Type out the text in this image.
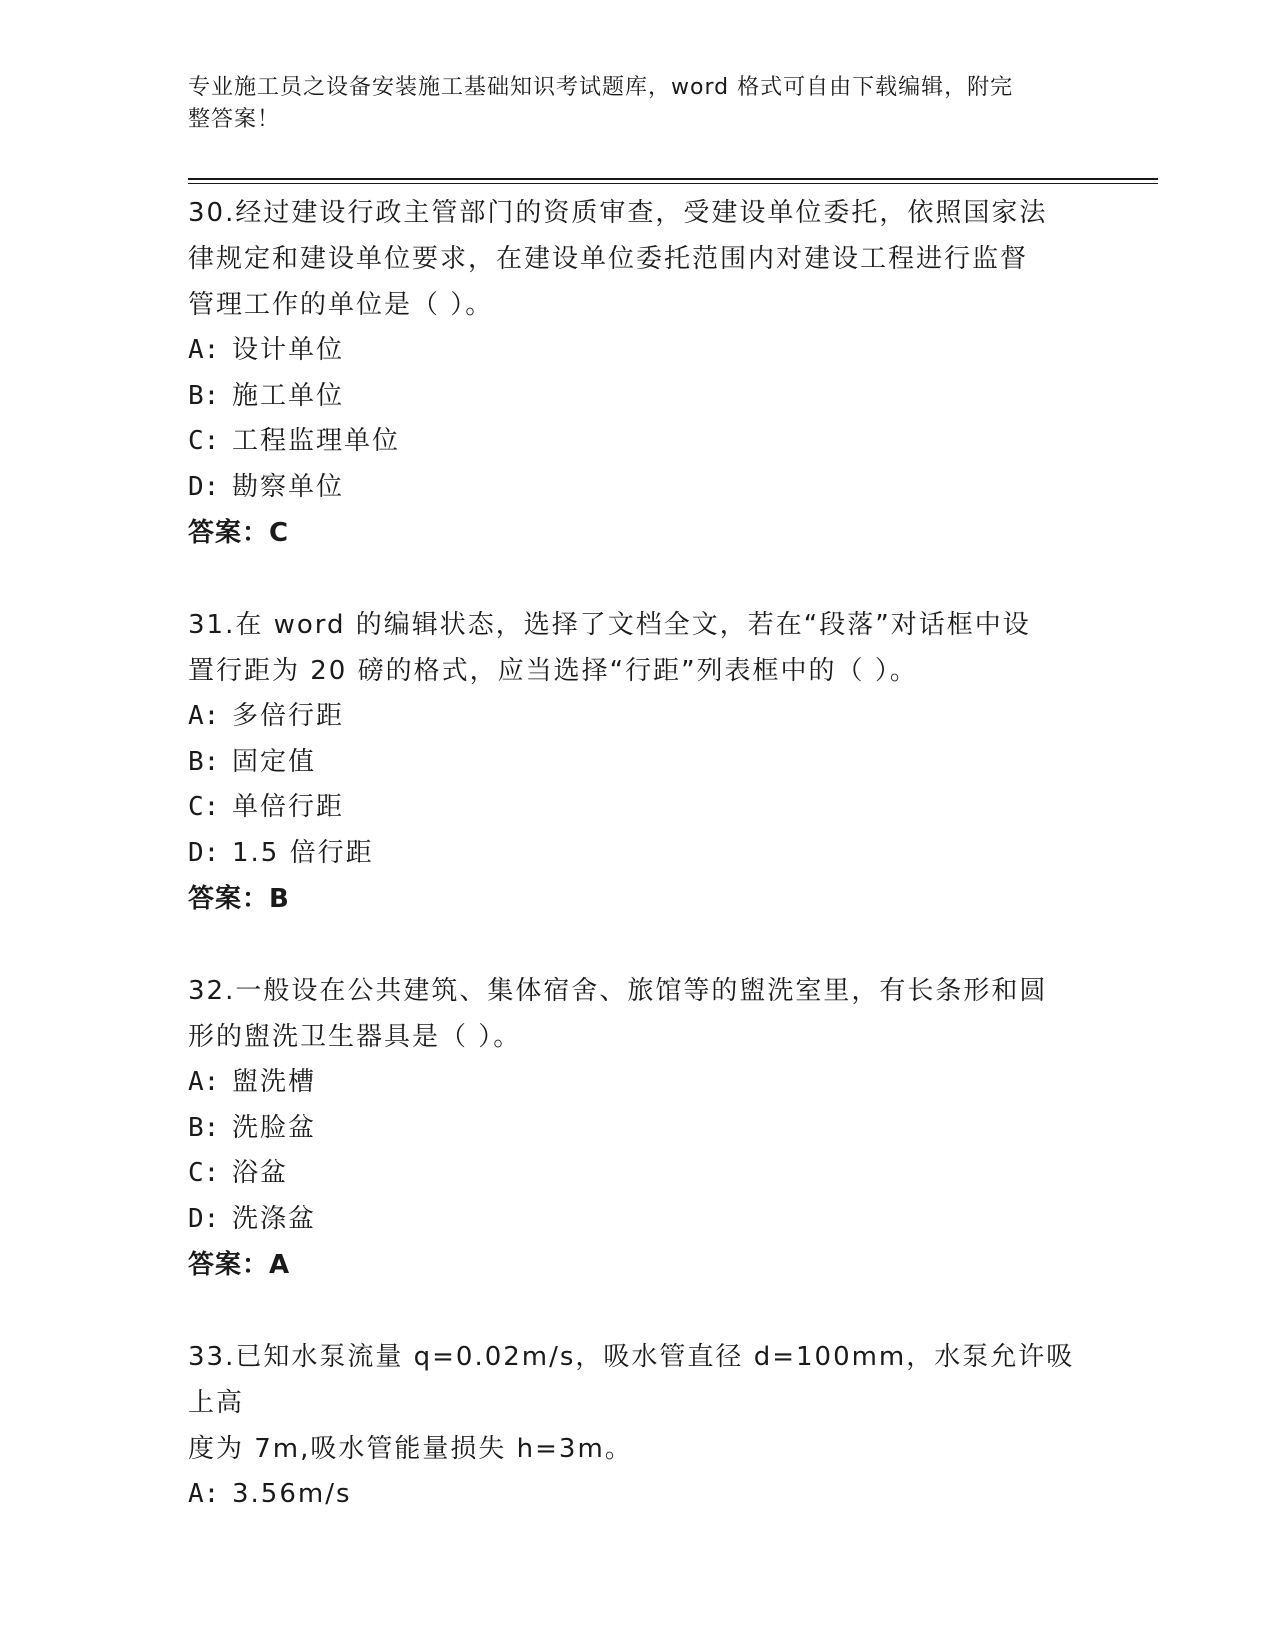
专业施工员之设备安装施工基础知识考试题库，word 格式可自由下载编辑，附完
整答案！
30.经过建设行政主管部门的资质审查，受建设单位委托，依照国家法
律规定和建设单位要求，在建设单位委托范围内对建设工程进行监督
管理工作的单位是（ ）。
A: 设计单位
B: 施工单位
C: 工程监理单位
D: 勘察单位
答案：C
31.在 word 的编辑状态，选择了文档全文，若在“段落”对话框中设
置行距为 20 磅的格式，应当选择“行距”列表框中的（ ）。
A: 多倍行距
B: 固定值
C: 单倍行距
D: 1.5 倍行距
答案：B
32.一般设在公共建筑、集体宿舍、旅馆等的盥洗室里，有长条形和圆
形的盥洗卫生器具是（ ）。
A: 盥洗槽
B: 洗脸盆
C: 浴盆
D: 洗涤盆
答案：A
33.已知水泵流量 q=0.02m/s，吸水管直径 d=100mm，水泵允许吸上高
度为 7m,吸水管能量损失 h=3m。
A: 3.56m/s
